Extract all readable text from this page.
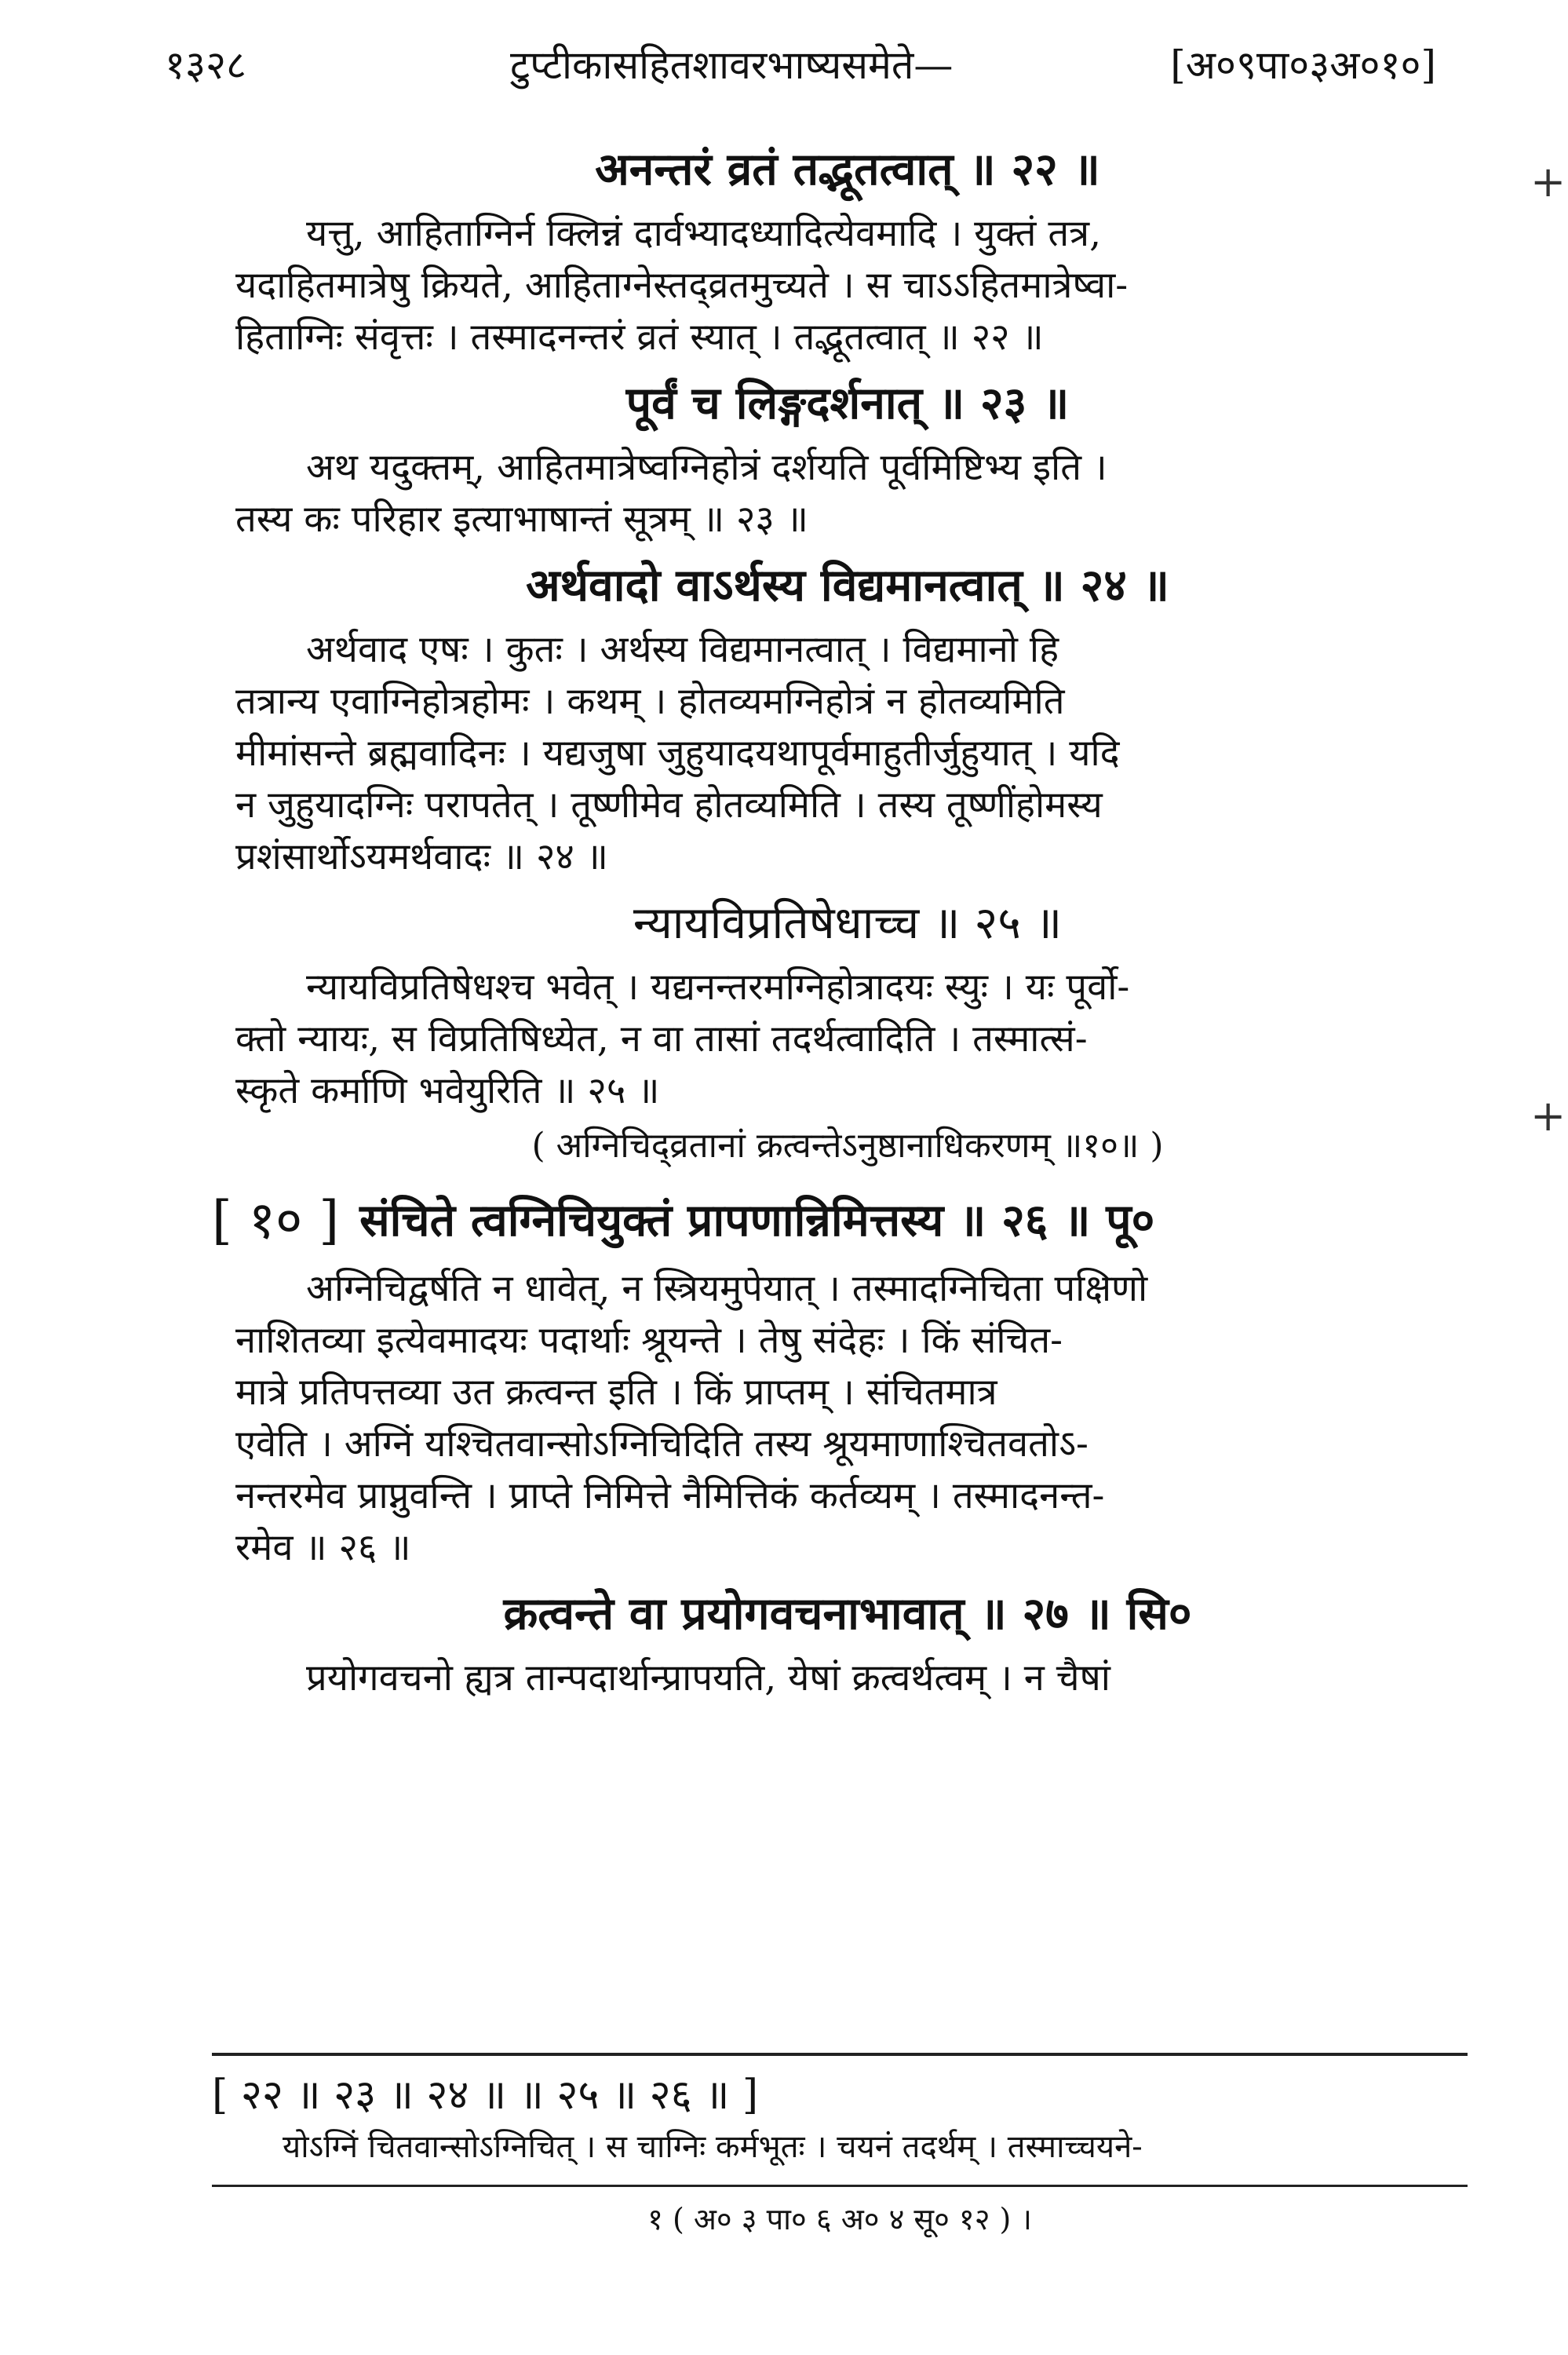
१३२८	टुप्टीकासहितशावरभाष्यसमेते—	[अ०९पा०३अ०१०]
अनन्तरं व्रतं तद्भूतत्वात् ॥ २२ ॥
यत्तु, आहिताग्निर्न क्लिन्नं दार्वभ्यादध्यादित्येवमादि । युक्तं तत्र,
यदाहितमात्रेषु क्रियते, आहिताग्नेस्तद्व्रतमुच्यते । स चाऽऽहितमात्रेष्वा-
हिताग्निः संवृत्तः । तस्मादनन्तरं व्रतं स्यात् । तद्भूतत्वात् ॥ २२ ॥
पूर्वं च लिङ्गदर्शनात् ॥ २३ ॥
अथ यदुक्तम्, आहितमात्रेष्वग्निहोत्रं दर्शयति पूर्वमिष्टिभ्य इति ।
तस्य कः परिहार इत्याभाषान्तं सूत्रम् ॥ २३ ॥
अर्थवादो वाऽर्थस्य विद्यमानत्वात् ॥ २४ ॥
अर्थवाद एषः । कुतः । अर्थस्य विद्यमानत्वात् । विद्यमानो हि
तत्रान्य एवाग्निहोत्रहोमः । कथम् । होतव्यमग्निहोत्रं न होतव्यमिति
मीमांसन्ते ब्रह्मवादिनः । यद्यजुषा जुहुयादयथापूर्वमाहुतीर्जुहुयात् । यदि
न जुहुयादग्निः परापतेत् । तूष्णीमेव होतव्यमिति । तस्य तूष्णींहोमस्य
प्रशंसार्थोऽयमर्थवादः ॥ २४ ॥
न्यायविप्रतिषेधाच्च ॥ २५ ॥
न्यायविप्रतिषेधश्च भवेत् । यद्यनन्तरमग्निहोत्रादयः स्युः । यः पूर्वो-
क्तो न्यायः, स विप्रतिषिध्येत, न वा तासां तदर्थत्वादिति । तस्मात्सं-
स्कृते कर्माणि भवेयुरिति ॥ २५ ॥
( अग्निचिद्व्रतानां क्रत्वन्तेऽनुष्ठानाधिकरणम् ॥१०॥ )
[ १० ] संचिते त्वग्निचियुक्तं प्रापणान्निमित्तस्य ॥ २६ ॥ पू०
अग्निचिद्वर्षति न धावेत्, न स्त्रियमुपेयात् । तस्मादग्निचिता पक्षिणो
नाशितव्या इत्येवमादयः पदार्थाः श्रूयन्ते । तेषु संदेहः । किं संचित-
मात्रे प्रतिपत्तव्या उत क्रत्वन्त इति । किं प्राप्तम् । संचितमात्र
एवेति । अग्निं यश्चितवान्सोऽग्निचिदिति तस्य श्रूयमाणाश्चितवतोऽ-
नन्तरमेव प्राप्नुवन्ति । प्राप्ते निमित्ते नैमित्तिकं कर्तव्यम् । तस्मादनन्त-
रमेव ॥ २६ ॥
क्रत्वन्ते वा प्रयोगवचनाभावात् ॥ २७ ॥ सि०
प्रयोगवचनो ह्यत्र तान्पदार्थान्प्रापयति, येषां क्रत्वर्थत्वम् । न चैषां
[ २२ ॥ २३ ॥ २४ ॥ ॥ २५ ॥ २६ ॥ ]
योऽग्निं चितवान्सोऽग्निचित् । स चाग्निः कर्मभूतः । चयनं तदर्थम् । तस्माच्चयने-
१ ( अ० ३ पा० ६ अ० ४ सू० १२ ) ।
+
+
